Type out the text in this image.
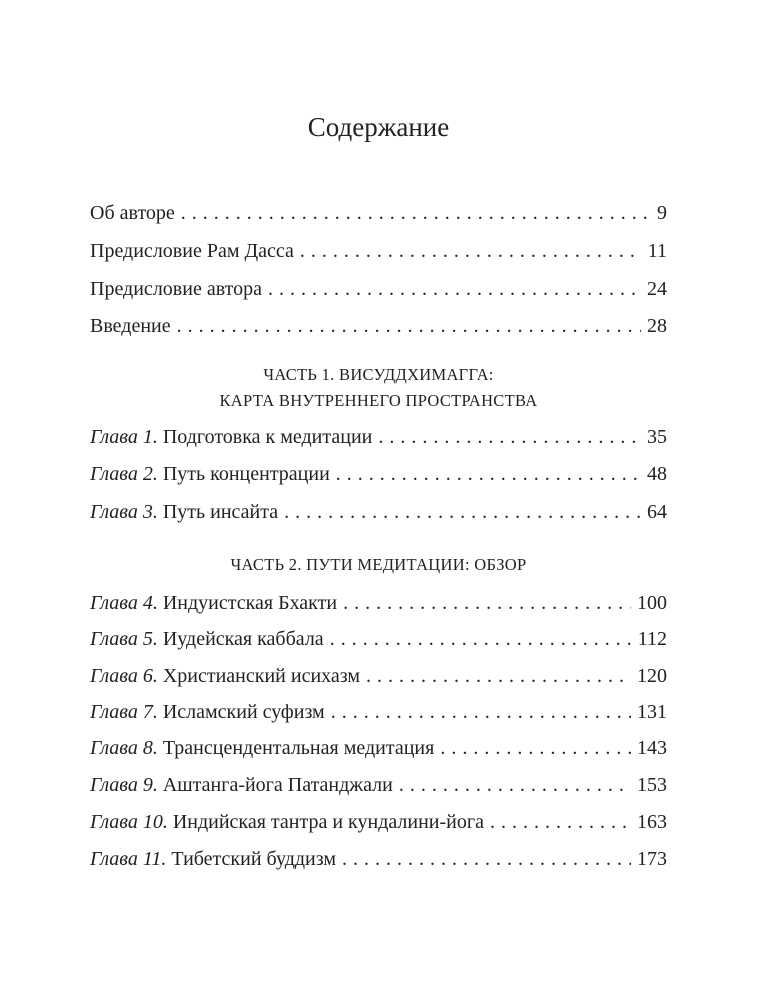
Содержание
Об авторе . . .	9
Предисловие Рам Дасса . . .	11
Предисловие автора . . .	24
Введение . . .	28
ЧАСТЬ 1. ВИСУДДХИМАГГА:
КАРТА ВНУТРЕННЕГО ПРОСТРАНСТВА
Глава 1. Подготовка к медитации . . .	35
Глава 2. Путь концентрации . . .	48
Глава 3. Путь инсайта . . .	64
ЧАСТЬ 2. ПУТИ МЕДИТАЦИИ: ОБЗОР
Глава 4. Индуистская Бхакти . . .	100
Глава 5. Иудейская каббала . . .	112
Глава 6. Христианский исихазм . . .	120
Глава 7. Исламский суфизм . . .	131
Глава 8. Трансцендентальная медитация . . .	143
Глава 9. Аштанга-йога Патанджали . . .	153
Глава 10. Индийская тантра и кундалини-йога . . .	163
Глава 11. Тибетский буддизм . . .	173
